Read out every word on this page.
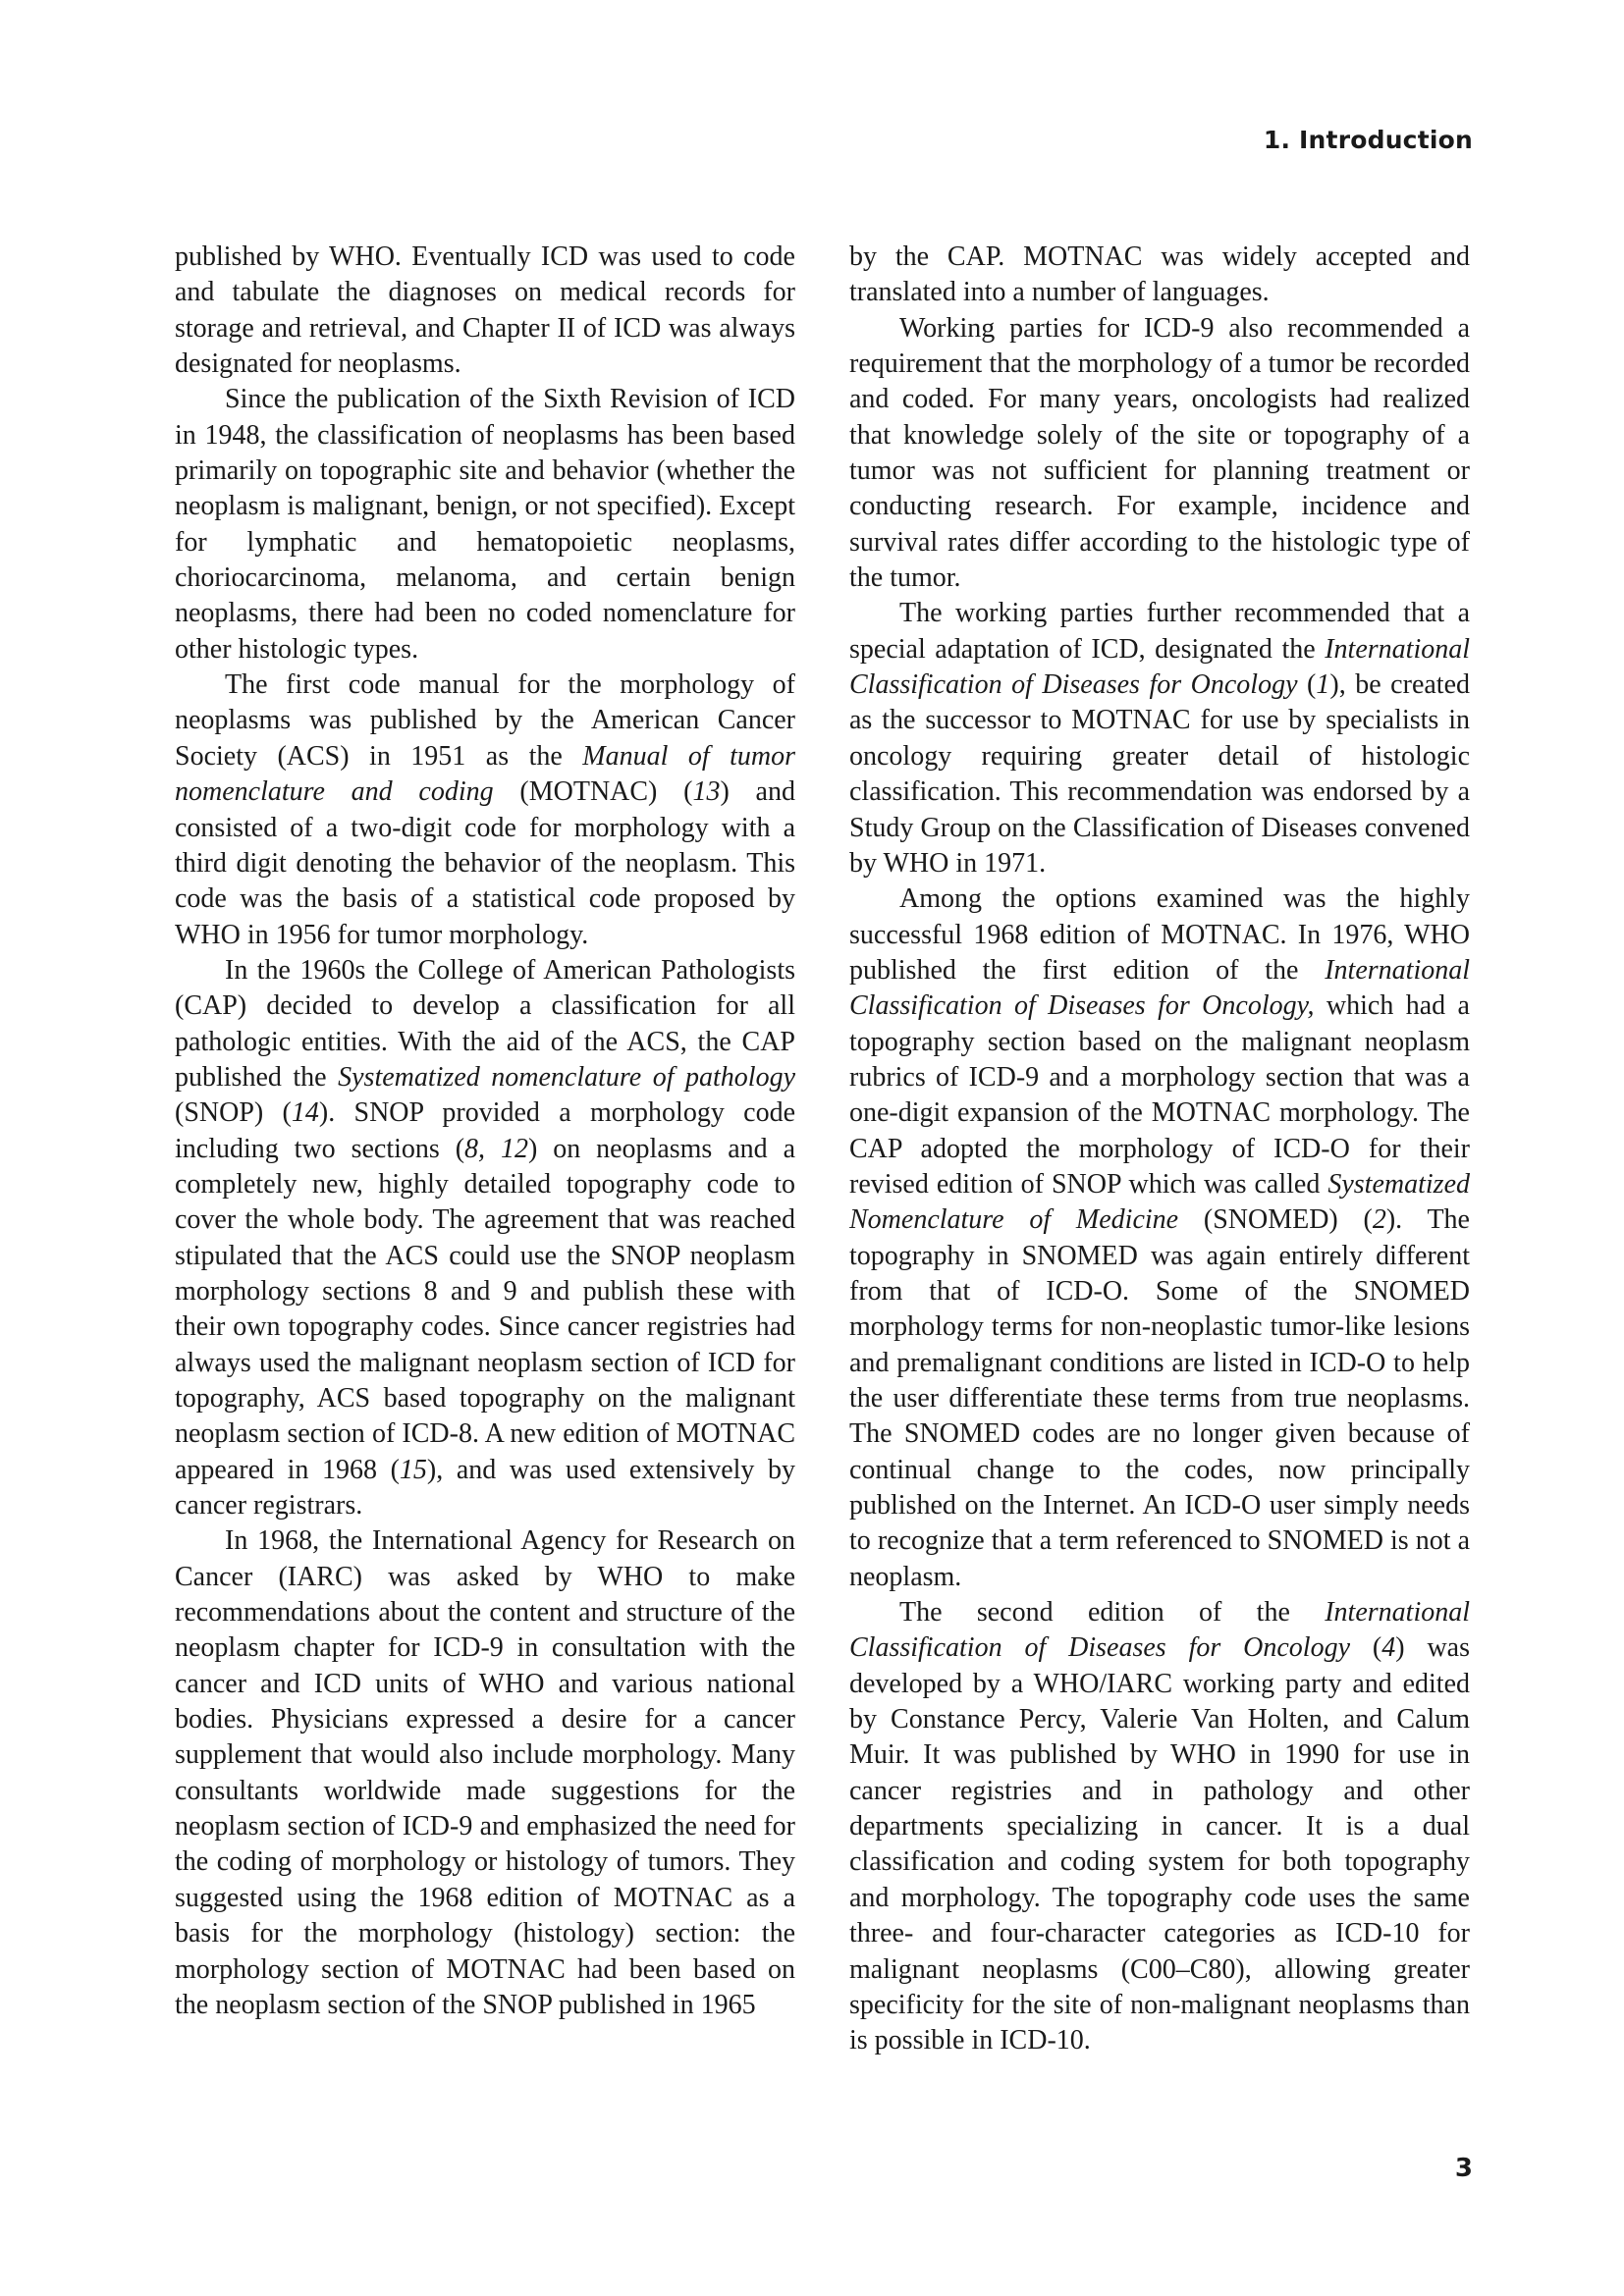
1. Introduction

published by WHO. Eventually ICD was used to code and tabulate the diagnoses on medical records for storage and retrieval, and Chapter II of ICD was always designated for neoplasms.

Since the publication of the Sixth Revision of ICD in 1948, the classification of neoplasms has been based primarily on topographic site and behavior (whether the neoplasm is malignant, benign, or not specified). Except for lymphatic and hematopoietic neoplasms, choriocarcinoma, melanoma, and certain benign neoplasms, there had been no coded nomenclature for other histologic types.

The first code manual for the morphology of neoplasms was published by the American Cancer Society (ACS) in 1951 as the Manual of tumor nomenclature and coding (MOTNAC) (13) and consisted of a two-digit code for morphology with a third digit denoting the behavior of the neoplasm. This code was the basis of a statistical code proposed by WHO in 1956 for tumor morphology.

In the 1960s the College of American Pathologists (CAP) decided to develop a classification for all pathologic entities. With the aid of the ACS, the CAP published the Systematized nomenclature of pathology (SNOP) (14). SNOP provided a morphology code including two sections (8, 12) on neoplasms and a completely new, highly detailed topography code to cover the whole body. The agreement that was reached stipulated that the ACS could use the SNOP neoplasm morphology sections 8 and 9 and publish these with their own topography codes. Since cancer registries had always used the malignant neoplasm section of ICD for topography, ACS based topography on the malignant neoplasm section of ICD-8. A new edition of MOTNAC appeared in 1968 (15), and was used extensively by cancer registrars.

In 1968, the International Agency for Research on Cancer (IARC) was asked by WHO to make recommendations about the content and structure of the neoplasm chapter for ICD-9 in consultation with the cancer and ICD units of WHO and various national bodies. Physicians expressed a desire for a cancer supplement that would also include morphology. Many consultants worldwide made suggestions for the neoplasm section of ICD-9 and emphasized the need for the coding of morphology or histology of tumors. They suggested using the 1968 edition of MOTNAC as a basis for the morphology (histology) section: the morphology section of MOTNAC had been based on the neoplasm section of the SNOP published in 1965

by the CAP. MOTNAC was widely accepted and translated into a number of languages.

Working parties for ICD-9 also recommended a requirement that the morphology of a tumor be recorded and coded. For many years, oncologists had realized that knowledge solely of the site or topography of a tumor was not sufficient for planning treatment or conducting research. For example, incidence and survival rates differ according to the histologic type of the tumor.

The working parties further recommended that a special adaptation of ICD, designated the International Classification of Diseases for Oncology (1), be created as the successor to MOTNAC for use by specialists in oncology requiring greater detail of histologic classification. This recommendation was endorsed by a Study Group on the Classification of Diseases convened by WHO in 1971.

Among the options examined was the highly successful 1968 edition of MOTNAC. In 1976, WHO published the first edition of the International Classification of Diseases for Oncology, which had a topography section based on the malignant neoplasm rubrics of ICD-9 and a morphology section that was a one-digit expansion of the MOTNAC morphology. The CAP adopted the morphology of ICD-O for their revised edition of SNOP which was called Systematized Nomenclature of Medicine (SNOMED) (2). The topography in SNOMED was again entirely different from that of ICD-O. Some of the SNOMED morphology terms for non-neoplastic tumor-like lesions and premalignant conditions are listed in ICD-O to help the user differentiate these terms from true neoplasms. The SNOMED codes are no longer given because of continual change to the codes, now principally published on the Internet. An ICD-O user simply needs to recognize that a term referenced to SNOMED is not a neoplasm.

The second edition of the International Classification of Diseases for Oncology (4) was developed by a WHO/IARC working party and edited by Constance Percy, Valerie Van Holten, and Calum Muir. It was published by WHO in 1990 for use in cancer registries and in pathology and other departments specializing in cancer. It is a dual classification and coding system for both topography and morphology. The topography code uses the same three- and four-character categories as ICD-10 for malignant neoplasms (C00–C80), allowing greater specificity for the site of non-malignant neoplasms than is possible in ICD-10.

3
